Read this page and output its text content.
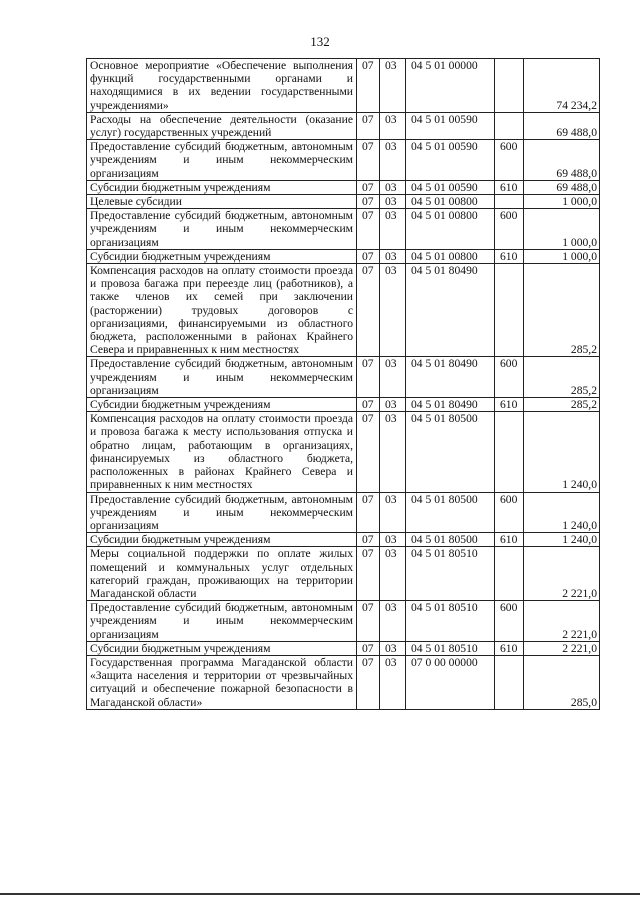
132
Основное мероприятие «Обеспечение выполнения функций государственными органами и находящимися в их ведении государственными учреждениями»	07	03	04 5 01 00000		74 234,2
Расходы на обеспечение деятельности (оказание услуг) государственных учреждений	07	03	04 5 01 00590		69 488,0
Предоставление субсидий бюджетным, автономным учреждениям и иным некоммерческим организациям	07	03	04 5 01 00590	600	69 488,0
Субсидии бюджетным учреждениям	07	03	04 5 01 00590	610	69 488,0
Целевые субсидии	07	03	04 5 01 00800		1 000,0
Предоставление субсидий бюджетным, автономным учреждениям и иным некоммерческим организациям	07	03	04 5 01 00800	600	1 000,0
Субсидии бюджетным учреждениям	07	03	04 5 01 00800	610	1 000,0
Компенсация расходов на оплату стоимости проезда и провоза багажа при переезде лиц (работников), а также членов их семей при заключении (расторжении) трудовых договоров с организациями, финансируемыми из областного бюджета, расположенными в районах Крайнего Севера и приравненных к ним местностях	07	03	04 5 01 80490		285,2
Предоставление субсидий бюджетным, автономным учреждениям и иным некоммерческим организациям	07	03	04 5 01 80490	600	285,2
Субсидии бюджетным учреждениям	07	03	04 5 01 80490	610	285,2
Компенсация расходов на оплату стоимости проезда и провоза багажа к месту использования отпуска и обратно лицам, работающим в организациях, финансируемых из областного бюджета, расположенных в районах Крайнего Севера и приравненных к ним местностях	07	03	04 5 01 80500		1 240,0
Предоставление субсидий бюджетным, автономным учреждениям и иным некоммерческим организациям	07	03	04 5 01 80500	600	1 240,0
Субсидии бюджетным учреждениям	07	03	04 5 01 80500	610	1 240,0
Меры социальной поддержки по оплате жилых помещений и коммунальных услуг отдельных категорий граждан, проживающих на территории Магаданской области	07	03	04 5 01 80510		2 221,0
Предоставление субсидий бюджетным, автономным учреждениям и иным некоммерческим организациям	07	03	04 5 01 80510	600	2 221,0
Субсидии бюджетным учреждениям	07	03	04 5 01 80510	610	2 221,0
Государственная программа Магаданской области «Защита населения и территории от чрезвычайных ситуаций и обеспечение пожарной безопасности в Магаданской области»	07	03	07 0 00 00000		285,0
